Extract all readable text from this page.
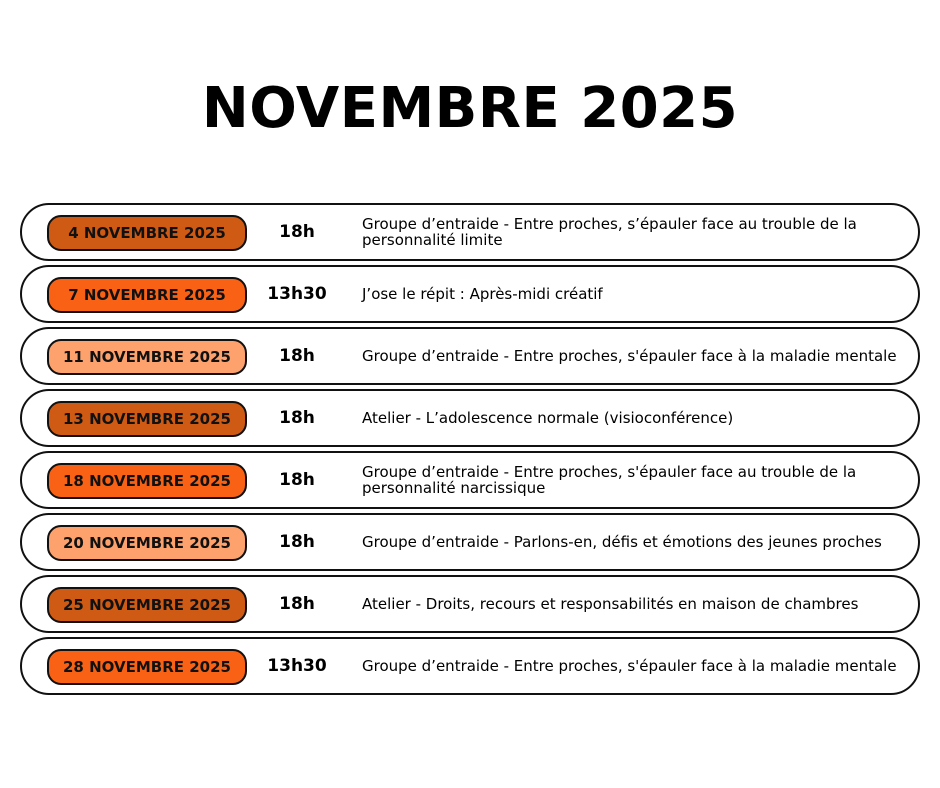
NOVEMBRE 2025
4 NOVEMBRE 2025	18h	Groupe d’entraide - Entre proches, s’épauler face au trouble de la personnalité limite
7 NOVEMBRE 2025	13h30	J’ose le répit : Après-midi créatif
11 NOVEMBRE 2025	18h	Groupe d’entraide - Entre proches, s'épauler face à la maladie mentale
13 NOVEMBRE 2025	18h	Atelier - L’adolescence normale (visioconférence)
18 NOVEMBRE 2025	18h	Groupe d’entraide - Entre proches, s'épauler face au trouble de la personnalité narcissique
20 NOVEMBRE 2025	18h	Groupe d’entraide - Parlons-en, défis et émotions des jeunes proches
25 NOVEMBRE 2025	18h	Atelier - Droits, recours et responsabilités en maison de chambres
28 NOVEMBRE 2025	13h30	Groupe d’entraide - Entre proches, s'épauler face à la maladie mentale
